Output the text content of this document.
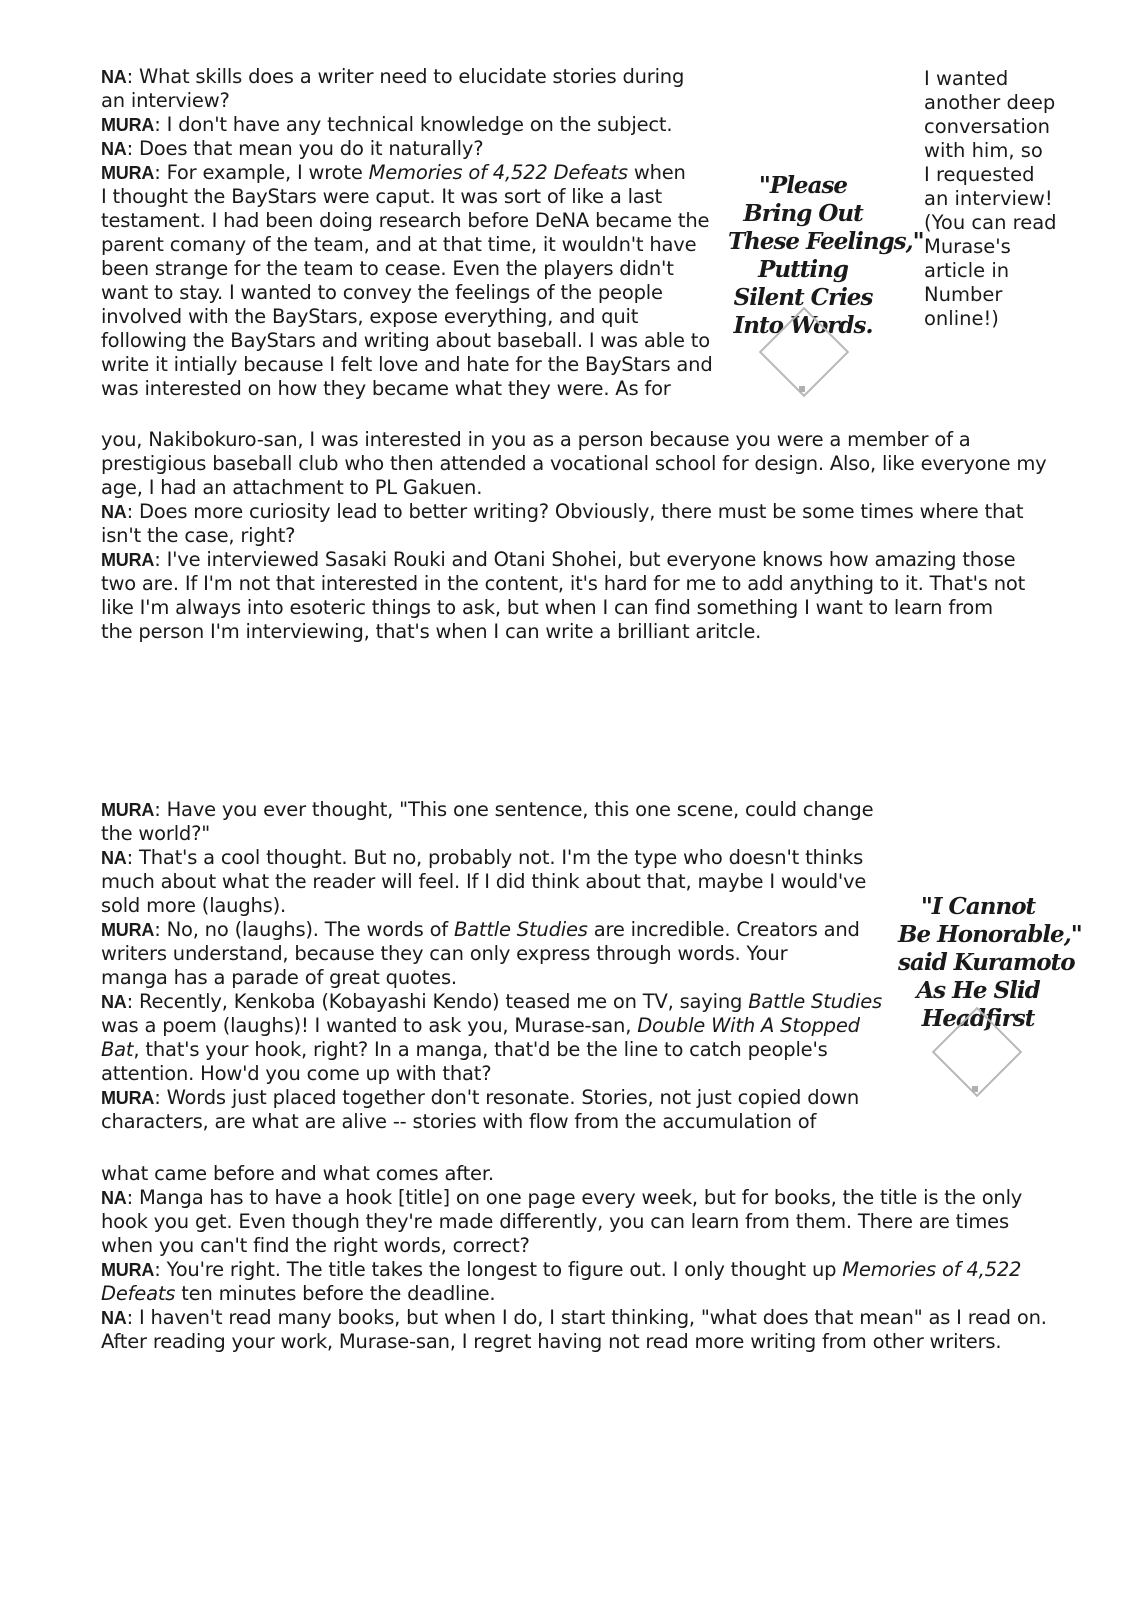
NA: What skills does a writer need to elucidate stories during
an interview?
MURA: I don't have any technical knowledge on the subject.
NA: Does that mean you do it naturally?
MURA: For example, I wrote Memories of 4,522 Defeats when
I thought the BayStars were caput. It was sort of like a last
testament. I had been doing research before DeNA became the
parent comany of the team, and at that time, it wouldn't have
been strange for the team to cease. Even the players didn't
want to stay. I wanted to convey the feelings of the people
involved with the BayStars, expose everything, and quit
following the BayStars and writing about baseball. I was able to
write it intially because I felt love and hate for the BayStars and
was interested on how they became what they were. As for
I wanted
another deep
conversation
with him, so
I requested
an interview!
(You can read
Murase's
article in
Number
online!)
"Please
Bring Out
These Feelings,"
Putting
Silent Cries
Into Words.
you, Nakibokuro-san, I was interested in you as a person because you were a member of a
prestigious baseball club who then attended a vocational school for design. Also, like everyone my
age, I had an attachment to PL Gakuen.
NA: Does more curiosity lead to better writing? Obviously, there must be some times where that
isn't the case, right?
MURA: I've interviewed Sasaki Rouki and Otani Shohei, but everyone knows how amazing those
two are. If I'm not that interested in the content, it's hard for me to add anything to it. That's not
like I'm always into esoteric things to ask, but when I can find something I want to learn from
the person I'm interviewing, that's when I can write a brilliant aritcle.
MURA: Have you ever thought, "This one sentence, this one scene, could change
the world?"
NA: That's a cool thought. But no, probably not. I'm the type who doesn't thinks
much about what the reader will feel. If I did think about that, maybe I would've
sold more (laughs).
MURA: No, no (laughs). The words of Battle Studies are incredible. Creators and
writers understand, because they can only express through words. Your
manga has a parade of great quotes.
NA: Recently, Kenkoba (Kobayashi Kendo) teased me on TV, saying Battle Studies
was a poem (laughs)! I wanted to ask you, Murase-san, Double With A Stopped
Bat, that's your hook, right? In a manga, that'd be the line to catch people's
attention. How'd you come up with that?
MURA: Words just placed together don't resonate. Stories, not just copied down
characters, are what are alive -- stories with flow from the accumulation of
"I Cannot
Be Honorable,"
said Kuramoto
As He Slid
Headfirst
what came before and what comes after.
NA: Manga has to have a hook [title] on one page every week, but for books, the title is the only
hook you get. Even though they're made differently, you can learn from them. There are times
when you can't find the right words, correct?
MURA: You're right. The title takes the longest to figure out. I only thought up Memories of 4,522
Defeats ten minutes before the deadline.
NA: I haven't read many books, but when I do, I start thinking, "what does that mean" as I read on.
After reading your work, Murase-san, I regret having not read more writing from other writers.
